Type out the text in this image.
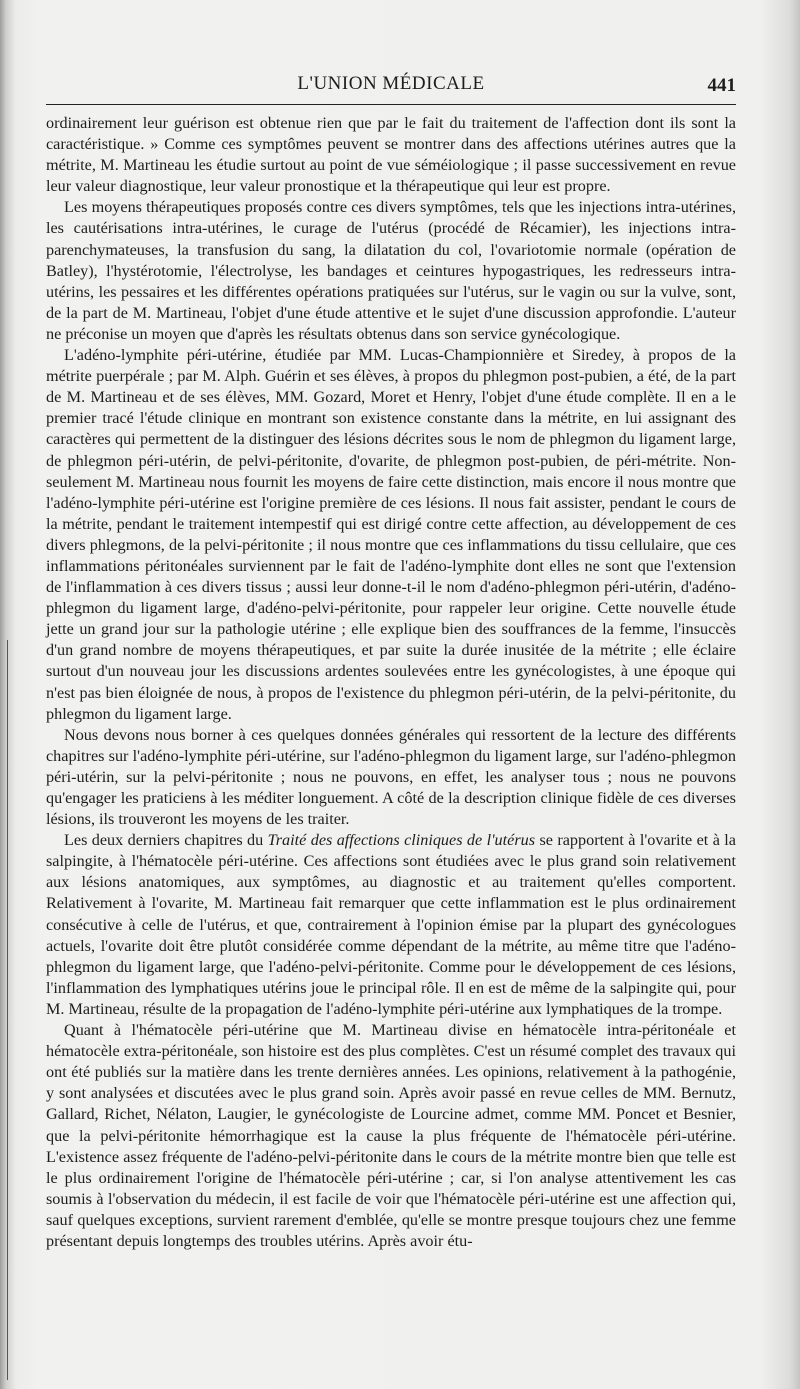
L'UNION MÉDICALE	441

ordinairement leur guérison est obtenue rien que par le fait du traitement de l'affection dont ils sont la caractéristique. » Comme ces symptômes peuvent se montrer dans des affections utérines autres que la métrite, M. Martineau les étudie surtout au point de vue séméiologique ; il passe successivement en revue leur valeur diagnostique, leur valeur pronostique et la thérapeutique qui leur est propre.

Les moyens thérapeutiques proposés contre ces divers symptômes, tels que les injections intra-utérines, les cautérisations intra-utérines, le curage de l'utérus (procédé de Récamier), les injections intra-parenchymateuses, la transfusion du sang, la dilatation du col, l'ovariotomie normale (opération de Batley), l'hystérotomie, l'électrolyse, les bandages et ceintures hypogastriques, les redresseurs intra-utérins, les pessaires et les différentes opérations pratiquées sur l'utérus, sur le vagin ou sur la vulve, sont, de la part de M. Martineau, l'objet d'une étude attentive et le sujet d'une discussion approfondie. L'auteur ne préconise un moyen que d'après les résultats obtenus dans son service gynécologique.

L'adéno-lymphite péri-utérine, étudiée par MM. Lucas-Championnière et Siredey, à propos de la métrite puerpérale ; par M. Alph. Guérin et ses élèves, à propos du phlegmon post-pubien, a été, de la part de M. Martineau et de ses élèves, MM. Gozard, Moret et Henry, l'objet d'une étude complète. Il en a le premier tracé l'étude clinique en montrant son existence constante dans la métrite, en lui assignant des caractères qui permettent de la distinguer des lésions décrites sous le nom de phlegmon du ligament large, de phlegmon péri-utérin, de pelvi-péritonite, d'ovarite, de phlegmon post-pubien, de péri-métrite. Non-seulement M. Martineau nous fournit les moyens de faire cette distinction, mais encore il nous montre que l'adéno-lymphite péri-utérine est l'origine première de ces lésions. Il nous fait assister, pendant le cours de la métrite, pendant le traitement intempestif qui est dirigé contre cette affection, au développement de ces divers phlegmons, de la pelvi-péritonite ; il nous montre que ces inflammations du tissu cellulaire, que ces inflammations péritonéales surviennent par le fait de l'adéno-lymphite dont elles ne sont que l'extension de l'inflammation à ces divers tissus ; aussi leur donne-t-il le nom d'adéno-phlegmon péri-utérin, d'adéno-phlegmon du ligament large, d'adéno-pelvi-péritonite, pour rappeler leur origine. Cette nouvelle étude jette un grand jour sur la pathologie utérine ; elle explique bien des souffrances de la femme, l'insuccès d'un grand nombre de moyens thérapeutiques, et par suite la durée inusitée de la métrite ; elle éclaire surtout d'un nouveau jour les discussions ardentes soulevées entre les gynécologistes, à une époque qui n'est pas bien éloignée de nous, à propos de l'existence du phlegmon péri-utérin, de la pelvi-péritonite, du phlegmon du ligament large.

Nous devons nous borner à ces quelques données générales qui ressortent de la lecture des différents chapitres sur l'adéno-lymphite péri-utérine, sur l'adéno-phlegmon du ligament large, sur l'adéno-phlegmon péri-utérin, sur la pelvi-péritonite ; nous ne pouvons, en effet, les analyser tous ; nous ne pouvons qu'engager les praticiens à les méditer longuement. A côté de la description clinique fidèle de ces diverses lésions, ils trouveront les moyens de les traiter.

Les deux derniers chapitres du Traité des affections cliniques de l'utérus se rapportent à l'ovarite et à la salpingite, à l'hématocèle péri-utérine. Ces affections sont étudiées avec le plus grand soin relativement aux lésions anatomiques, aux symptômes, au diagnostic et au traitement qu'elles comportent. Relativement à l'ovarite, M. Martineau fait remarquer que cette inflammation est le plus ordinairement consécutive à celle de l'utérus, et que, contrairement à l'opinion émise par la plupart des gynécologues actuels, l'ovarite doit être plutôt considérée comme dépendant de la métrite, au même titre que l'adéno-phlegmon du ligament large, que l'adéno-pelvi-péritonite. Comme pour le développement de ces lésions, l'inflammation des lymphatiques utérins joue le principal rôle. Il en est de même de la salpingite qui, pour M. Martineau, résulte de la propagation de l'adéno-lymphite péri-utérine aux lymphatiques de la trompe.

Quant à l'hématocèle péri-utérine que M. Martineau divise en hématocèle intra-péritonéale et hématocèle extra-péritonéale, son histoire est des plus complètes. C'est un résumé complet des travaux qui ont été publiés sur la matière dans les trente dernières années. Les opinions, relativement à la pathogénie, y sont analysées et discutées avec le plus grand soin. Après avoir passé en revue celles de MM. Bernutz, Gallard, Richet, Nélaton, Laugier, le gynécologiste de Lourcine admet, comme MM. Poncet et Besnier, que la pelvi-péritonite hémorrhagique est la cause la plus fréquente de l'hématocèle péri-utérine. L'existence assez fréquente de l'adéno-pelvi-péritonite dans le cours de la métrite montre bien que telle est le plus ordinairement l'origine de l'hématocèle péri-utérine ; car, si l'on analyse attentivement les cas soumis à l'observation du médecin, il est facile de voir que l'hématocèle péri-utérine est une affection qui, sauf quelques exceptions, survient rarement d'emblée, qu'elle se montre presque toujours chez une femme présentant depuis longtemps des troubles utérins. Après avoir étu-
